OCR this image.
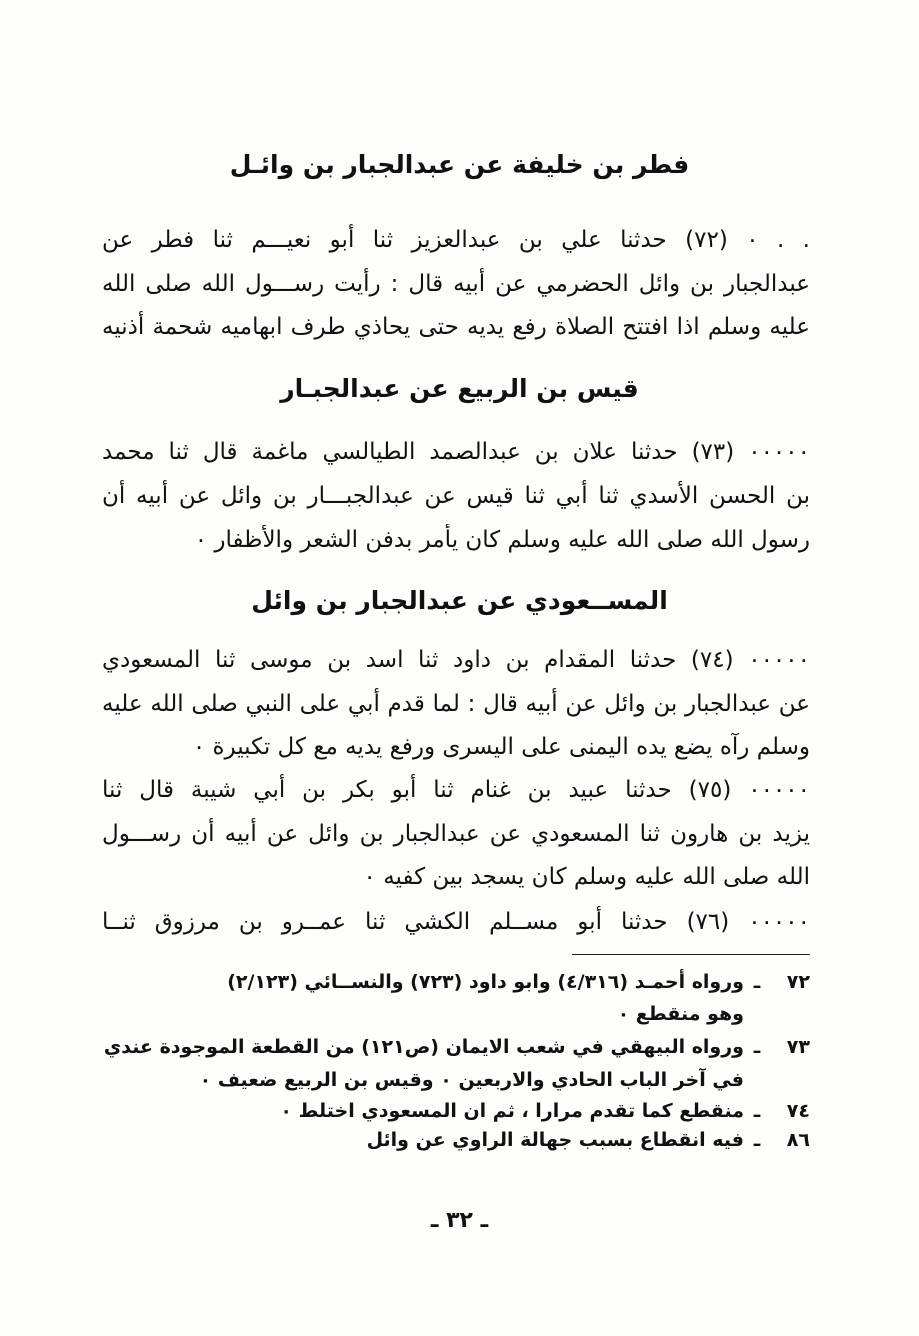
فطر بن خليفة عن عبدالجبار بن وائـل
. . ٠ (٧٢) حدثنا علي بن عبدالعزيز ثنا أبو نعيـــم ثنا فطر عن
عبدالجبار بن وائل الحضرمي عن أبيه قال : رأيت رســـول الله صلى الله
عليه وسلم اذا افتتح الصلاة رفع يديه حتى يحاذي طرف ابهاميه شحمة أذنيه
قيس بن الربيع عن عبدالجبـار
٠٠٠٠٠ (٧٣) حدثنا علان بن عبدالصمد الطيالسي ماغمة قال ثنا محمد
بن الحسن الأسدي ثنا أبي ثنا قيس عن عبدالجبـــار بن وائل عن أبيه أن
رسول الله صلى الله عليه وسلم كان يأمر بدفن الشعر والأظفار ٠
المســعودي عن عبدالجبار بن وائل
٠٠٠٠٠ (٧٤) حدثنا المقدام بن داود ثنا اسد بن موسى ثنا المسعودي
عن عبدالجبار بن وائل عن أبيه قال : لما قدم أبي على النبي صلى الله عليه
وسلم رآه يضع يده اليمنى على اليسرى ورفع يديه مع كل تكبيرة ٠
٠٠٠٠٠ (٧٥) حدثنا عبيد بن غنام ثنا أبو بكر بن أبي شيبة قال ثنا
يزيد بن هارون ثنا المسعودي عن عبدالجبار بن وائل عن أبيه أن رســـول
الله صلى الله عليه وسلم كان يسجد بين كفيه ٠
٠٠٠٠٠ (٧٦) حدثنا أبو مســلم الكشي ثنا عمــرو بن مرزوق ثنــا
٧٢ـورواه أحمـد (٤/٣١٦) وابو داود (٧٢٣) والنســائي (٢/١٢٣)
وهو منقطع ٠
٧٣ـورواه البيهقي في شعب الايمان (ص١٢١) من القطعة الموجودة عندي
في آخر الباب الحادي والاربعين ٠ وقيس بن الربيع ضعيف ٠
٧٤ـمنقطع كما تقدم مرارا ، ثم ان المسعودي اختلط ٠
٨٦ـفيه انقطاع بسبب جهالة الراوي عن وائل
ـ ٣٢ ـ
